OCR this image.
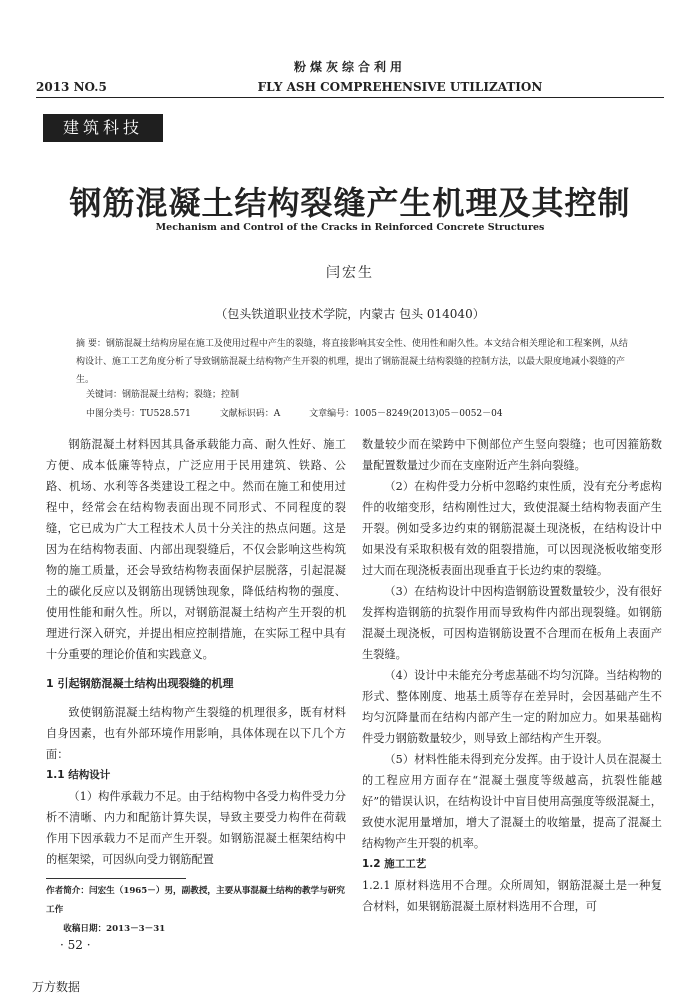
粉煤灰综合利用
2013 NO.5	FLY ASH COMPREHENSIVE UTILIZATION
建筑科技
钢筋混凝土结构裂缝产生机理及其控制
Mechanism and Control of the Cracks in Reinforced Concrete Structures
闫宏生
（包头铁道职业技术学院，内蒙古 包头 014040）
摘 要：钢筋混凝土结构房屋在施工及使用过程中产生的裂缝，将直接影响其安全性、使用性和耐久性。本文结合相关理论和工程案例，从结构设计、施工工艺角度分析了导致钢筋混凝土结构物产生开裂的机理，提出了钢筋混凝土结构裂缝的控制方法，以最大限度地减小裂缝的产生。
关键词：钢筋混凝土结构；裂缝；控制
中图分类号：TU528.571	文献标识码：A	文章编号：1005－8249(2013)05－0052－04

钢筋混凝土材料因其具备承载能力高、耐久性好、施工方便、成本低廉等特点，广泛应用于民用建筑、铁路、公路、机场、水利等各类建设工程之中。然而在施工和使用过程中，经常会在结构物表面出现不同形式、不同程度的裂缝，它已成为广大工程技术人员十分关注的热点问题。这是因为在结构物表面、内部出现裂缝后，不仅会影响这些构筑物的施工质量，还会导致结构物表面保护层脱落，引起混凝土的碳化反应以及钢筋出现锈蚀现象，降低结构物的强度、使用性能和耐久性。所以，对钢筋混凝土结构产生开裂的机理进行深入研究，并提出相应控制措施，在实际工程中具有十分重要的理论价值和实践意义。

1 引起钢筋混凝土结构出现裂缝的机理

致使钢筋混凝土结构物产生裂缝的机理很多，既有材料自身因素，也有外部环境作用影响，具体体现在以下几个方面：

1.1 结构设计

（1）构件承载力不足。由于结构物中各受力构件受力分析不清晰、内力和配筋计算失误，导致主要受力构件在荷载作用下因承载力不足而产生开裂。如钢筋混凝土框架结构中的框架梁，可因纵向受力钢筋配置

数量较少而在梁跨中下侧部位产生竖向裂缝；也可因箍筋数量配置数量过少而在支座附近产生斜向裂缝。

（2）在构件受力分析中忽略约束性质，没有充分考虑构件的收缩变形，结构刚性过大，致使混凝土结构物表面产生开裂。例如受多边约束的钢筋混凝土现浇板，在结构设计中如果没有采取积极有效的阻裂措施，可以因现浇板收缩变形过大而在现浇板表面出现垂直于长边约束的裂缝。

（3）在结构设计中因构造钢筋设置数量较少，没有很好发挥构造钢筋的抗裂作用而导致构件内部出现裂缝。如钢筋混凝土现浇板，可因构造钢筋设置不合理而在板角上表面产生裂缝。

（4）设计中未能充分考虑基础不均匀沉降。当结构物的形式、整体刚度、地基土质等存在差异时，会因基础产生不均匀沉降量而在结构内部产生一定的附加应力。如果基础构件受力钢筋数量较少，则导致上部结构产生开裂。

（5）材料性能未得到充分发挥。由于设计人员在混凝土的工程应用方面存在“混凝土强度等级越高，抗裂性能越好”的错误认识，在结构设计中盲目使用高强度等级混凝土，致使水泥用量增加，增大了混凝土的收缩量，提高了混凝土结构物产生开裂的机率。

1.2 施工工艺

1.2.1 原材料选用不合理。众所周知，钢筋混凝土是一种复合材料，如果钢筋混凝土原材料选用不合理，可

作者简介：闫宏生（1965－）男，副教授，主要从事混凝土结构的教学与研究工作
收稿日期：2013－3－31
· 52 ·
万方数据
